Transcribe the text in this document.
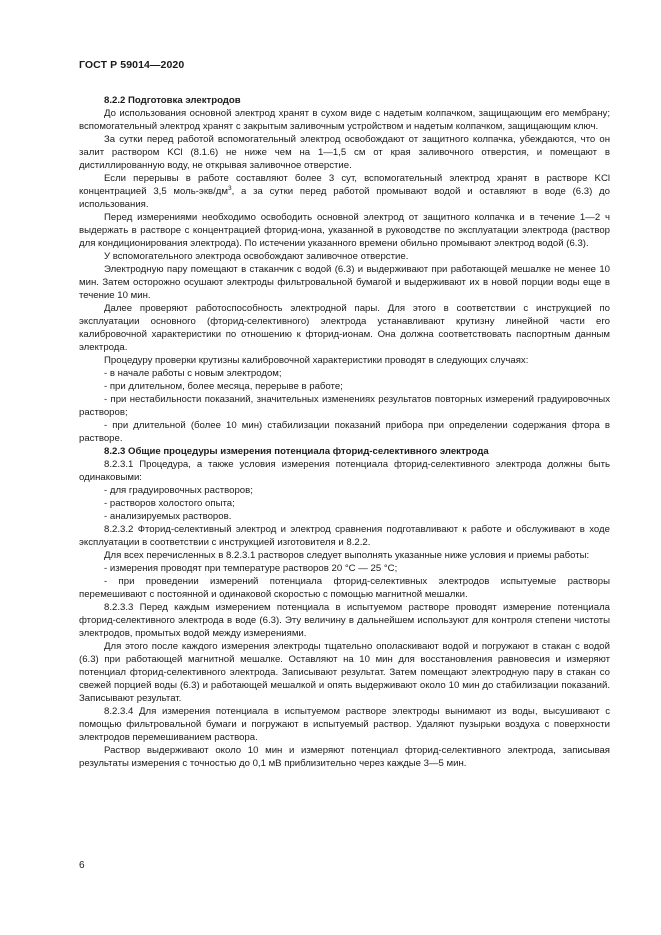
ГОСТ Р 59014—2020
8.2.2 Подготовка электродов

До использования основной электрод хранят в сухом виде с надетым колпачком, защищающим его мембрану; вспомогательный электрод хранят с закрытым заливочным устройством и надетым колпачком, защищающим ключ.

За сутки перед работой вспомогательный электрод освобождают от защитного колпачка, убеждаются, что он залит раствором KCl (8.1.6) не ниже чем на 1—1,5 см от края заливочного отверстия, и помещают в дистиллированную воду, не открывая заливочное отверстие.

Если перерывы в работе составляют более 3 сут, вспомогательный электрод хранят в растворе KCl концентрацией 3,5 моль-$экв/дм^3$, а за сутки перед работой промывают водой и оставляют в воде (6.3) до использования.

Перед измерениями необходимо освободить основной электрод от защитного колпачка и в течение 1—2 ч выдержать в растворе с концентрацией фторид-иона, указанной в руководстве по эксплуатации электрода (раствор для кондиционирования электрода). По истечении указанного времени обильно промывают электрод водой (6.3).

У вспомогательного электрода освобождают заливочное отверстие.

Электродную пару помещают в стаканчик с водой (6.3) и выдерживают при работающей мешалке не менее 10 мин. Затем осторожно осушают электроды фильтровальной бумагой и выдерживают их в новой порции воды еще в течение 10 мин.

Далее проверяют работоспособность электродной пары. Для этого в соответствии с инструкцией по эксплуатации основного (фторид-селективного) электрода устанавливают крутизну линейной части его калибровочной характеристики по отношению к фторид-ионам. Она должна соответствовать паспортным данным электрода.

Процедуру проверки крутизны калибровочной характеристики проводят в следующих случаях:

- в начале работы с новым электродом;

- при длительном, более месяца, перерыве в работе;

- при нестабильности показаний, значительных изменениях результатов повторных измерений градуировочных растворов;

- при длительной (более 10 мин) стабилизации показаний прибора при определении содержания фтора в растворе.

8.2.3 Общие процедуры измерения потенциала фторид-селективного электрода

8.2.3.1 Процедура, а также условия измерения потенциала фторид-селективного электрода должны быть одинаковыми:

- для градуировочных растворов;

- растворов холостого опыта;

- анализируемых растворов.

8.2.3.2 Фторид-селективный электрод и электрод сравнения подготавливают к работе и обслуживают в ходе эксплуатации в соответствии с инструкцией изготовителя и 8.2.2.

Для всех перечисленных в 8.2.3.1 растворов следует выполнять указанные ниже условия и приемы работы:

- измерения проводят при температуре растворов 20 °C — 25 °C;

- при проведении измерений потенциала фторид-селективных электродов испытуемые растворы перемешивают с постоянной и одинаковой скоростью с помощью магнитной мешалки.

8.2.3.3 Перед каждым измерением потенциала в испытуемом растворе проводят измерение потенциала фторид-селективного электрода в воде (6.3). Эту величину в дальнейшем используют для контроля степени чистоты электродов, промытых водой между измерениями.

Для этого после каждого измерения электроды тщательно ополаскивают водой и погружают в стакан с водой (6.3) при работающей магнитной мешалке. Оставляют на 10 мин для восстановления равновесия и измеряют потенциал фторид-селективного электрода. Записывают результат. Затем помещают электродную пару в стакан со свежей порцией воды (6.3) и работающей мешалкой и опять выдерживают около 10 мин до стабилизации показаний. Записывают результат.

8.2.3.4 Для измерения потенциала в испытуемом растворе электроды вынимают из воды, высушивают с помощью фильтровальной бумаги и погружают в испытуемый раствор. Удаляют пузырьки воздуха с поверхности электродов перемешиванием раствора.

Раствор выдерживают около 10 мин и измеряют потенциал фторид-селективного электрода, записывая результаты измерения с точностью до 0,1 мВ приблизительно через каждые 3—5 мин.

6
